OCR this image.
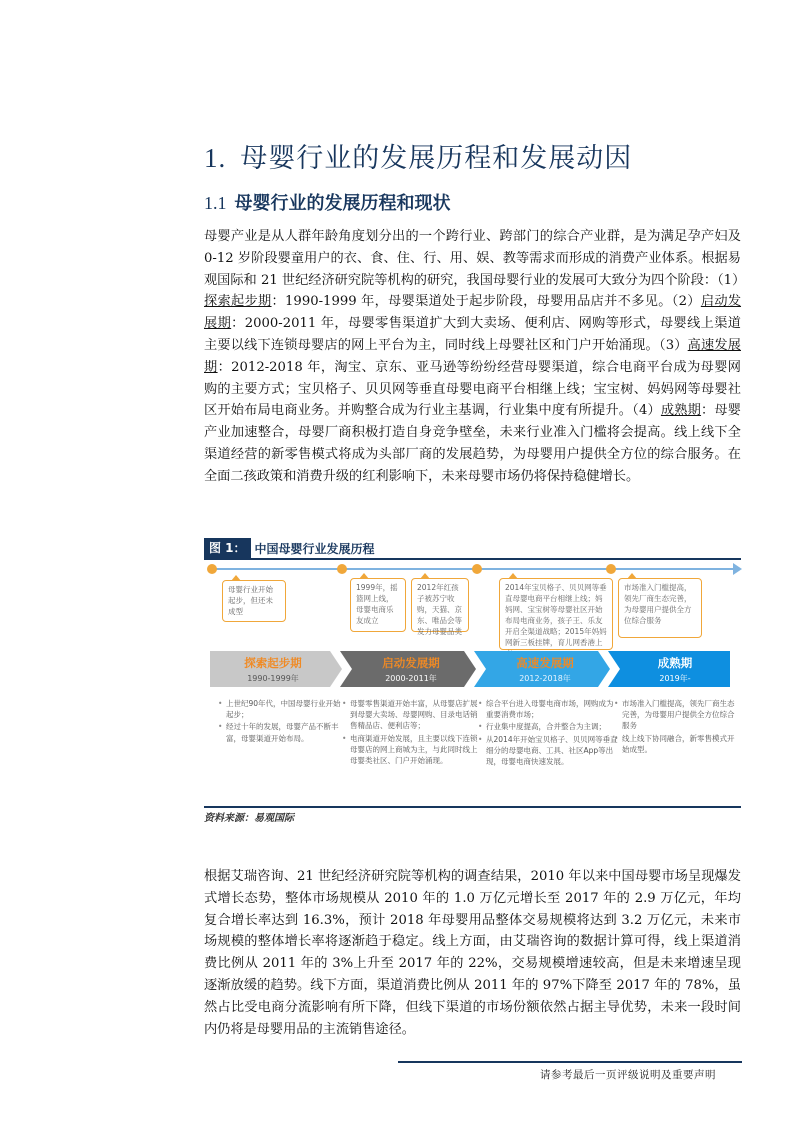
1. 母婴行业的发展历程和发展动因
1.1 母婴行业的发展历程和现状

母婴产业是从人群年龄角度划分出的一个跨行业、跨部门的综合产业群，是为满足孕产妇及 0-12 岁阶段婴童用户的衣、食、住、行、用、娱、教等需求而形成的消费产业体系。根据易观国际和 21 世纪经济研究院等机构的研究，我国母婴行业的发展可大致分为四个阶段：（1）探索起步期：1990-1999 年，母婴渠道处于起步阶段，母婴用品店并不多见。（2）启动发展期：2000-2011 年，母婴零售渠道扩大到大卖场、便利店、网购等形式，母婴线上渠道主要以线下连锁母婴店的网上平台为主，同时线上母婴社区和门户开始涌现。（3）高速发展期：2012-2018 年，淘宝、京东、亚马逊等纷纷经营母婴渠道，综合电商平台成为母婴网购的主要方式；宝贝格子、贝贝网等垂直母婴电商平台相继上线；宝宝树、妈妈网等母婴社区开始布局电商业务。并购整合成为行业主基调，行业集中度有所提升。（4）成熟期：母婴产业加速整合，母婴厂商积极打造自身竞争壁垒，未来行业准入门槛将会提高。线上线下全渠道经营的新零售模式将成为头部厂商的发展趋势，为母婴用户提供全方位的综合服务。在全面二孩政策和消费升级的红利影响下，未来母婴市场仍将保持稳健增长。

图 1： 中国母婴行业发展历程
母婴行业开始起步，但还未成型
1999年，摇篮网上线，母婴电商乐友成立
2012年红孩子被苏宁收购，天猫、京东、唯品会等发力母婴品类
2014年宝贝格子、贝贝网等垂直母婴电商平台相继上线；妈妈网、宝宝树等母婴社区开始布局电商业务，孩子王、乐友开启全渠道战略；2015年妈妈网新三板挂牌，育儿网香港上
市场准入门槛提高，领先厂商生态完善，为母婴用户提供全方位综合服务
探索起步期
1990-1999年
启动发展期
2000-2011年
高速发展期
2012-2018年
成熟期
2019年-
• 上世纪90年代，中国母婴行业开始起步；
• 经过十年的发展，母婴产品不断丰富，母婴渠道开始布局。
• 母婴零售渠道开始丰富，从母婴店扩展到母婴大卖场、母婴网购、目录电话销售精品店、便利店等；
• 电商渠道开始发展，且主要以线下连锁母婴店的网上商城为主，与此同时线上母婴类社区、门户开始涌现。
• 综合平台进入母婴电商市场，网购成为重要消费市场；
• 行业集中度提高，合并整合为主调；
• 从2014年开始宝贝格子、贝贝网等垂直细分的母婴电商、工具、社区App等出现，母婴电商快速发展。
• 市场准入门槛提高，领先厂商生态完善，为母婴用户提供全方位综合服务
• 线上线下协同融合，新零售模式开始成型。
资料来源：易观国际

根据艾瑞咨询、21 世纪经济研究院等机构的调查结果，2010 年以来中国母婴市场呈现爆发式增长态势，整体市场规模从 2010 年的 1.0 万亿元增长至 2017 年的 2.9 万亿元，年均复合增长率达到 16.3%，预计 2018 年母婴用品整体交易规模将达到 3.2 万亿元，未来市场规模的整体增长率将逐渐趋于稳定。线上方面，由艾瑞咨询的数据计算可得，线上渠道消费比例从 2011 年的 3%上升至 2017 年的 22%，交易规模增速较高，但是未来增速呈现逐渐放缓的趋势。线下方面，渠道消费比例从 2011 年的 97%下降至 2017 年的 78%，虽然占比受电商分流影响有所下降，但线下渠道的市场份额依然占据主导优势，未来一段时间内仍将是母婴用品的主流销售途径。

请参考最后一页评级说明及重要声明
